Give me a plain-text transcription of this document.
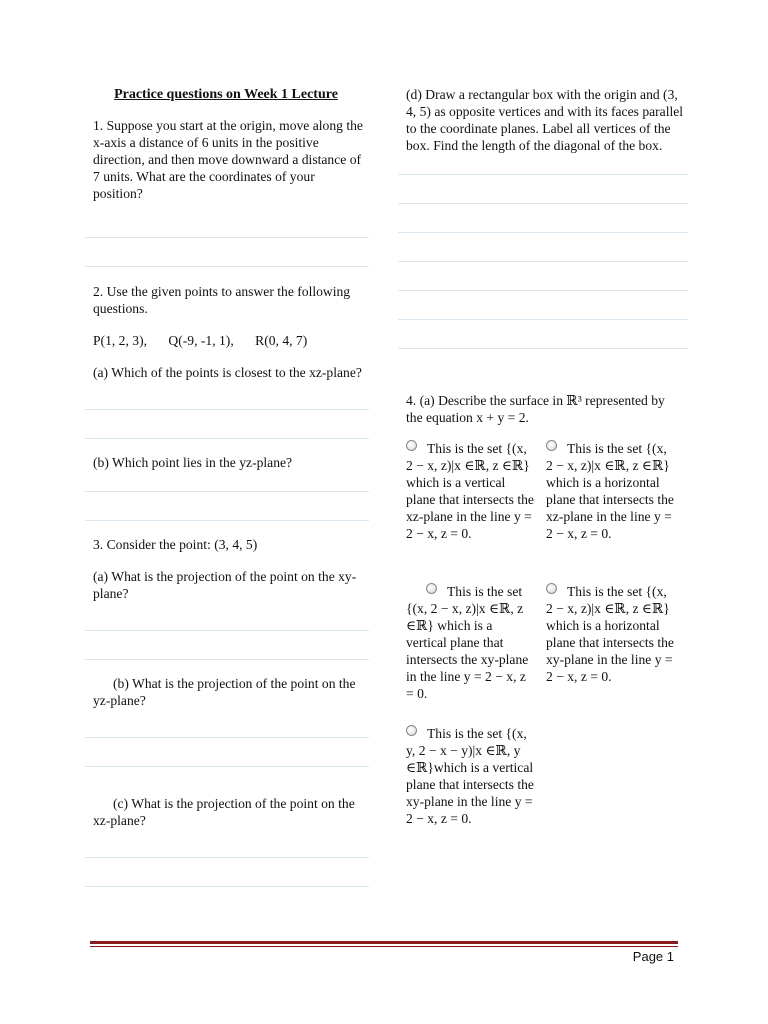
Practice questions on Week 1 Lecture

1. Suppose you start at the origin, move along the x-axis a distance of 6 units in the positive direction, and then move downward a distance of 7 units. What are the coordinates of your position?

2. Use the given points to answer the following questions.

P(1, 2, 3), Q(-9, -1, 1), R(0, 4, 7)

(a) Which of the points is closest to the xz-plane?

(b) Which point lies in the yz-plane?

3. Consider the point: (3, 4, 5)

(a) What is the projection of the point on the xy-plane?

(b) What is the projection of the point on the yz-plane?

(c) What is the projection of the point on the xz-plane?

(d) Draw a rectangular box with the origin and (3, 4, 5) as opposite vertices and with its faces parallel to the coordinate planes. Label all vertices of the box. Find the length of the diagonal of the box.

4. (a) Describe the surface in ℝ³ represented by the equation x + y = 2.

This is the set {(x, 2 − x, z)|x ∈ℝ, z ∈ℝ} which is a vertical plane that intersects the xz-plane in the line y = 2 − x, z = 0.
This is the set {(x, 2 − x, z)|x ∈ℝ, z ∈ℝ} which is a horizontal plane that intersects the xz-plane in the line y = 2 − x, z = 0.
This is the set {(x, 2 − x, z)|x ∈ℝ, z ∈ℝ} which is a vertical plane that intersects the xy-plane in the line y = 2 − x, z = 0.
This is the set {(x, 2 − x, z)|x ∈ℝ, z ∈ℝ} which is a horizontal plane that intersects the xy-plane in the line y = 2 − x, z = 0.
This is the set {(x, y, 2 − x − y)|x ∈ℝ, y ∈ℝ}which is a vertical plane that intersects the xy-plane in the line y = 2 − x, z = 0.
Page 1
